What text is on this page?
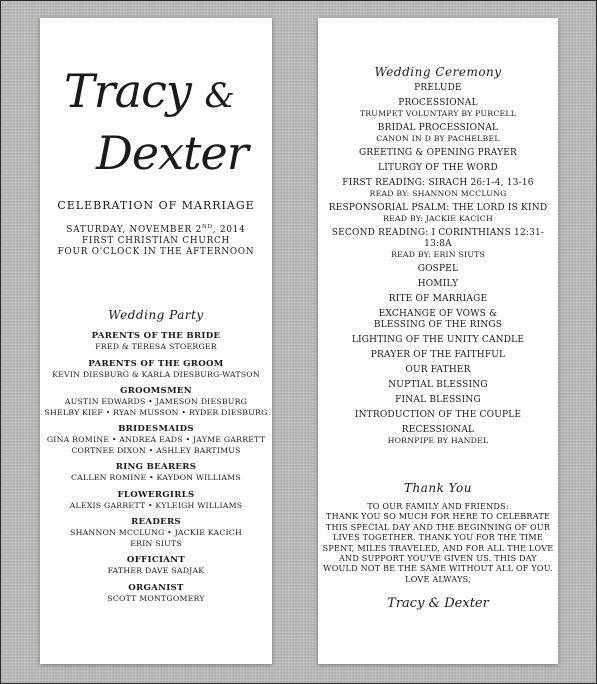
Tracy &
Dexter
CELEBRATION OF MARRIAGE
SATURDAY, NOVEMBER 2ND, 2014
FIRST CHRISTIAN CHURCH
FOUR O'CLOCK IN THE AFTERNOON
Wedding Party
PARENTS OF THE BRIDE
FRED & TERESA STOERGER
PARENTS OF THE GROOM
KEVIN DIESBURG & KARLA DIESBURG-WATSON
GROOMSMEN
AUSTIN EDWARDS • JAMESON DIESBURG
SHELBY KIEF • RYAN MUSSON • RYDER DIESBURG
BRIDESMAIDS
GINA ROMINE • ANDREA EADS • JAYME GARRETT
CORTNEE DIXON • ASHLEY BARTIMUS
RING BEARERS
CALLEN ROMINE • KAYDON WILLIAMS
FLOWERGIRLS
ALEXIS GARRETT • KYLEIGH WILLIAMS
READERS
SHANNON MCCLUNG • JACKIE KACICH
ERIN SIUTS
OFFICIANT
FATHER DAVE SADJAK
ORGANIST
SCOTT MONTGOMERY
Wedding Ceremony
PRELUDE
PROCESSIONAL
TRUMPET VOLUNTARY BY PURCELL
BRIDAL PROCESSIONAL
CANON IN D BY PACHELBEL
GREETING & OPENING PRAYER
LITURGY OF THE WORD
FIRST READING: SIRACH 26:1-4, 13-16
READ BY: SHANNON MCCLUNG
RESPONSORIAL PSALM: THE LORD IS KIND
READ BY: JACKIE KACICH
SECOND READING: I CORINTHIANS 12:31-13:8A
READ BY: ERIN SIUTS
GOSPEL
HOMILY
RITE OF MARRIAGE
EXCHANGE OF VOWS &
BLESSING OF THE RINGS
LIGHTING OF THE UNITY CANDLE
PRAYER OF THE FAITHFUL
OUR FATHER
NUPTIAL BLESSING
FINAL BLESSING
INTRODUCTION OF THE COUPLE
RECESSIONAL
HORNPIPE BY HANDEL
Thank You
TO OUR FAMILY AND FRIENDS:
THANK YOU SO MUCH FOR HERE TO CELEBRATE
THIS SPECIAL DAY AND THE BEGINNING OF OUR
LIVES TOGETHER. THANK YOU FOR THE TIME
SPENT, MILES TRAVELED, AND FOR ALL THE LOVE
AND SUPPORT YOU'VE GIVEN US. THIS DAY
WOULD NOT BE THE SAME WITHOUT ALL OF YOU.
LOVE ALWAYS,
Tracy & Dexter
